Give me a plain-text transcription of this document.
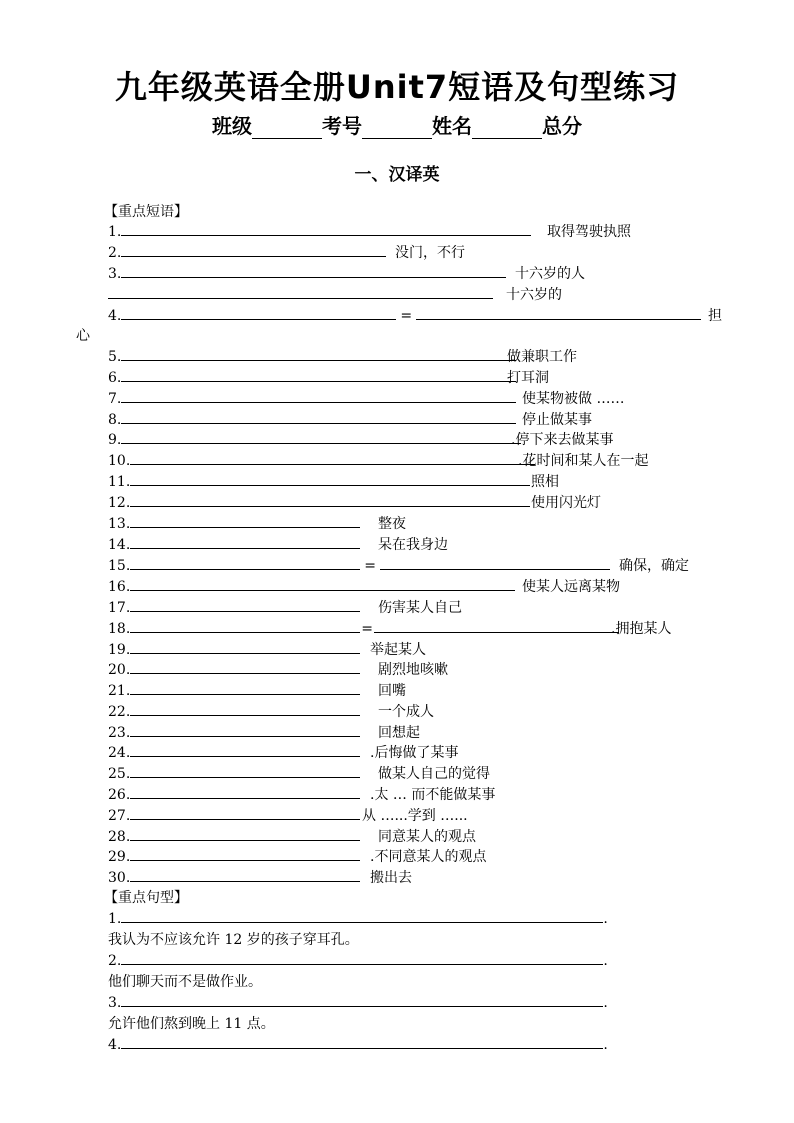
九年级英语全册Unit7短语及句型练习
班级	考号	姓名	总分
一、汉译英
【重点短语】
1.	取得驾驶执照
2.	没门，不行
3.	十六岁的人
十六岁的
4.	=	担
心
5.	做兼职工作
6.	打耳洞
7.	使某物被做 ……
8.	停止做某事
9.	.停下来去做某事
10.	.花时间和某人在一起
11.	照相
12.	使用闪光灯
13.	整夜
14.	呆在我身边
15.	=	确保，确定
16.	使某人远离某物
17.	伤害某人自己
18.	=	.拥抱某人
19.	举起某人
20.	剧烈地咳嗽
21.	回嘴
22.	一个成人
23.	回想起
24.	.后悔做了某事
25.	做某人自己的觉得
26.	.太 … 而不能做某事
27.	从 …...学到 …...
28.	同意某人的观点
29.	.不同意某人的观点
30.	搬出去
【重点句型】
1.	.
我认为不应该允许 12 岁的孩子穿耳孔。
2.	.
他们聊天而不是做作业。
3.	.
允许他们熬到晚上 11 点。
4.	.
